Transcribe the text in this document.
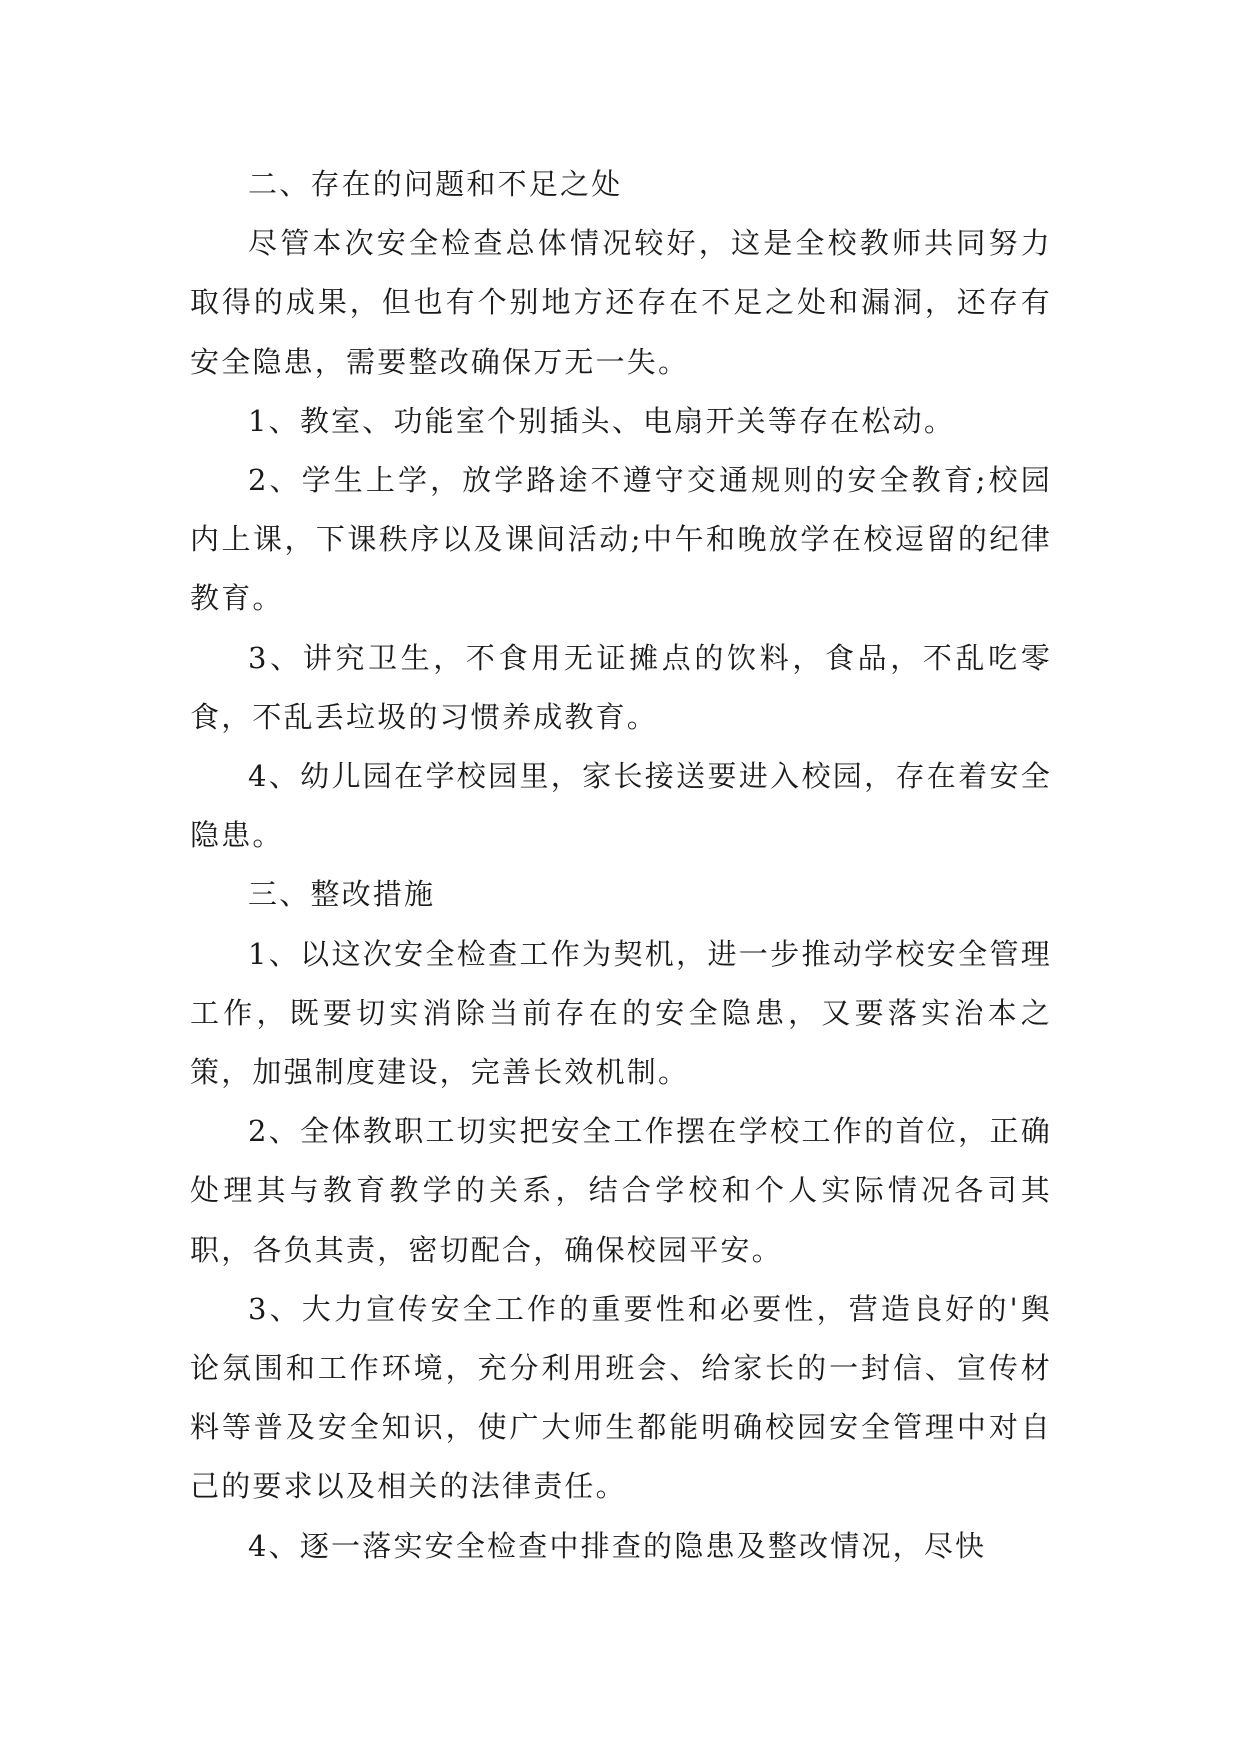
二、存在的问题和不足之处

尽管本次安全检查总体情况较好，这是全校教师共同努力取得的成果，但也有个别地方还存在不足之处和漏洞，还存有安全隐患，需要整改确保万无一失。

1、教室、功能室个别插头、电扇开关等存在松动。

2、学生上学，放学路途不遵守交通规则的安全教育;校园内上课，下课秩序以及课间活动;中午和晚放学在校逗留的纪律教育。

3、讲究卫生，不食用无证摊点的饮料，食品，不乱吃零食，不乱丢垃圾的习惯养成教育。

4、幼儿园在学校园里，家长接送要进入校园，存在着安全隐患。

三、整改措施

1、以这次安全检查工作为契机，进一步推动学校安全管理工作，既要切实消除当前存在的安全隐患，又要落实治本之策，加强制度建设，完善长效机制。

2、全体教职工切实把安全工作摆在学校工作的首位，正确处理其与教育教学的关系，结合学校和个人实际情况各司其职，各负其责，密切配合，确保校园平安。

3、大力宣传安全工作的重要性和必要性，营造良好的'舆论氛围和工作环境，充分利用班会、给家长的一封信、宣传材料等普及安全知识，使广大师生都能明确校园安全管理中对自己的要求以及相关的法律责任。

4、逐一落实安全检查中排查的隐患及整改情况，尽快
